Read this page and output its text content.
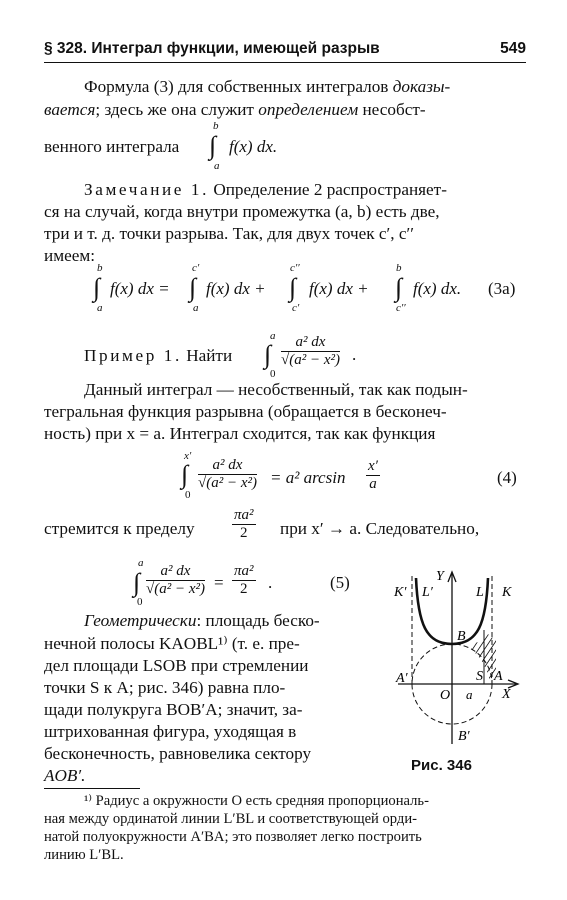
§ 328. Интеграл функции, имеющей разрыв	549
Формула (3) для собственных интегралов доказы-
вается; здесь же она служит определением несобст-
венного интеграла
b
∫
a
f(x) dx.
Замечание 1. Определение 2 распространяет-
ся на случай, когда внутри промежутка (a, b) есть две,
три и т. д. точки разрыва. Так, для двух точек c′, c′′
имеем:
b
∫
a
f(x) dx =
c′
∫
a
f(x) dx +
c′′
∫
c′
f(x) dx +
b
∫
c′′
f(x) dx. (3а)
Пример 1. Найти
a
∫
0
$\frac{\text{a² dx}}{\text{√(a² − x²)}}$ .
Данный интеграл — несобственный, так как подын-
тегральная функция разрывна (обращается в бесконеч-
ность) при x = a. Интеграл сходится, так как функция
x′
∫
0
$\frac{\text{a² dx}}{\text{√(a² − x²)}} = a^2$ $\arcsin \frac{x'}{a}$	(4)
стремится к пределу $\frac{\text{πa²}}{2}$ при x′ → a. Следовательно,
a
∫
0
$\frac{\text{a² dx}}{\text{√(a² − x²)}} = \frac{\text{πa²}}{2}$ .	(5)
Геометрически: площадь беско-
нечной полосы KAOBL¹⁾ (т. е. пре-
дел площади LSOB при стремлении
точки S к A; рис. 346) равна пло-
щади полукруга BOB′A; значит, за-
штрихованная фигура, уходящая в
бесконечность, равновелика сектору
AOB′.
Y
K′ L′	L K
B
A′
O a
S A
X
B′
Рис. 346
¹⁾ Радиус a окружности O есть средняя пропорциональ-
ная между ординатой линии L′BL и соответствующей орди-
натой полуокружности A′BA; это позволяет легко построить
линию L′BL.
